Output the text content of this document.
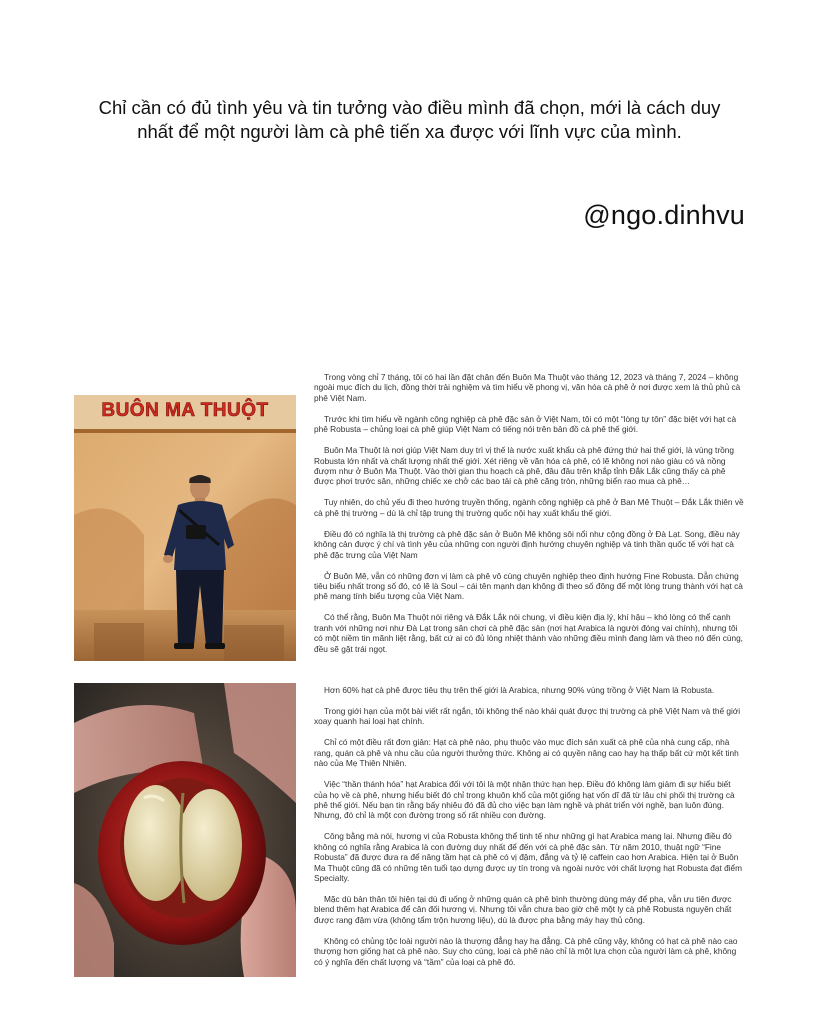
Chỉ cần có đủ tình yêu và tin tưởng vào điều mình đã chọn, mới là cách duy
nhất để một người làm cà phê tiến xa được với lĩnh vực của mình.
@ngo.dinhvu
BUÔN MA THUỘT

Trong vòng chỉ 7 tháng, tôi có hai lần đặt chân đến Buôn Ma Thuột vào tháng 12, 2023 và tháng 7, 2024 – không ngoài mục đích du lịch, đồng thời trải nghiệm và tìm hiểu về phong vị, văn hóa cà phê ở nơi được xem là thủ phủ cà phê Việt Nam.

Trước khi tìm hiểu về ngành công nghiệp cà phê đặc sản ở Việt Nam, tôi có một “lòng tự tôn” đặc biệt với hạt cà phê Robusta – chủng loại cà phê giúp Việt Nam có tiếng nói trên bản đồ cà phê thế giới.

Buôn Ma Thuột là nơi giúp Việt Nam duy trì vị thế là nước xuất khẩu cà phê đứng thứ hai thế giới, là vùng trồng Robusta lớn nhất và chất lượng nhất thế giới. Xét riêng về văn hóa cà phê, có lẽ không nơi nào giàu có và nồng đượm như ở Buôn Ma Thuột. Vào thời gian thu hoạch cà phê, đâu đâu trên khắp tỉnh Đắk Lắk cũng thấy cà phê được phơi trước sân, những chiếc xe chở các bao tải cà phê căng tròn, những biển rao mua cà phê…

Tuy nhiên, do chủ yếu đi theo hướng truyền thống, ngành công nghiệp cà phê ở Ban Mê Thuột – Đắk Lắk thiên về cà phê thị trường – dù là chỉ tập trung thị trường quốc nội hay xuất khẩu thế giới.

Điều đó có nghĩa là thị trường cà phê đặc sản ở Buôn Mê không sôi nổi như cộng đồng ở Đà Lạt. Song, điều này không cản được ý chí và tình yêu của những con người định hướng chuyên nghiệp và tinh thần quốc tế với hạt cà phê đặc trưng của Việt Nam

Ở Buôn Mê, vẫn có những đơn vị làm cà phê vô cùng chuyên nghiệp theo định hướng Fine Robusta. Dẫn chứng tiêu biểu nhất trong số đó, có lẽ là Soul – cái tên mạnh dạn không đi theo số đông để một lòng trung thành với hạt cà phê mang tính biểu tượng của Việt Nam.

Có thể rằng, Buôn Ma Thuột nói riêng và Đắk Lắk nói chung, vì điều kiện địa lý, khí hậu – khó lòng có thể cạnh tranh với những nơi như Đà Lạt trong sân chơi cà phê đặc sản (nơi hạt Arabica là người đóng vai chính), nhưng tôi có một niềm tin mãnh liệt rằng, bất cứ ai có đủ lòng nhiệt thành vào những điều mình đang làm và theo nó đến cùng, đều sẽ gặt trái ngọt.

Hơn 60% hạt cà phê được tiêu thụ trên thế giới là Arabica, nhưng 90% vùng trồng ở Việt Nam là Robusta.

Trong giới hạn của một bài viết rất ngắn, tôi không thể nào khái quát được thị trường cà phê Việt Nam và thế giới xoay quanh hai loại hạt chính.

Chỉ có một điều rất đơn giản: Hạt cà phê nào, phụ thuộc vào mục đích sản xuất cà phê của nhà cung cấp, nhà rang, quán cà phê và nhu cầu của người thưởng thức. Không ai có quyền nâng cao hay hạ thấp bất cứ một kết tinh nào của Mẹ Thiên Nhiên.

Việc “thần thánh hóa” hạt Arabica đối với tôi là một nhận thức hạn hẹp. Điều đó không làm giảm đi sự hiểu biết của họ về cà phê, nhưng hiểu biết đó chỉ trong khuôn khổ của một giống hạt vốn dĩ đã từ lâu chi phối thị trường cà phê thế giới. Nếu bạn tin rằng bấy nhiêu đó đã đủ cho việc bạn làm nghề và phát triển với nghề, bạn luôn đúng. Nhưng, đó chỉ là một con đường trong số rất nhiều con đường.

Công bằng mà nói, hương vị của Robusta không thể tinh tế như những gì hạt Arabica mang lại. Nhưng điều đó không có nghĩa rằng Arabica là con đường duy nhất để đến với cà phê đặc sản. Từ năm 2010, thuật ngữ “Fine Robusta” đã được đưa ra để nâng tầm hạt cà phê có vị đậm, đắng và tỷ lệ caffein cao hơn Arabica. Hiện tại ở Buôn Ma Thuột cũng đã có những tên tuổi tạo dựng được uy tín trong và ngoài nước với chất lượng hạt Robusta đạt điểm Specialty.

Mặc dù bản thân tôi hiện tại dù đi uống ở những quán cà phê bình thường dùng máy để pha, vẫn ưu tiên được blend thêm hạt Arabica để cân đối hương vị. Nhưng tôi vẫn chưa bao giờ chê một ly cà phê Robusta nguyên chất được rang đậm vừa (không tẩm trộn hương liệu), dù là được pha bằng máy hay thủ công.

Không có chủng tộc loài người nào là thượng đẳng hay hạ đẳng. Cà phê cũng vậy, không có hạt cà phê nào cao thượng hơn giống hạt cà phê nào. Suy cho cùng, loại cà phê nào chỉ là một lựa chọn của người làm cà phê, không có ý nghĩa đến chất lượng và “tầm” của loại cà phê đó.
